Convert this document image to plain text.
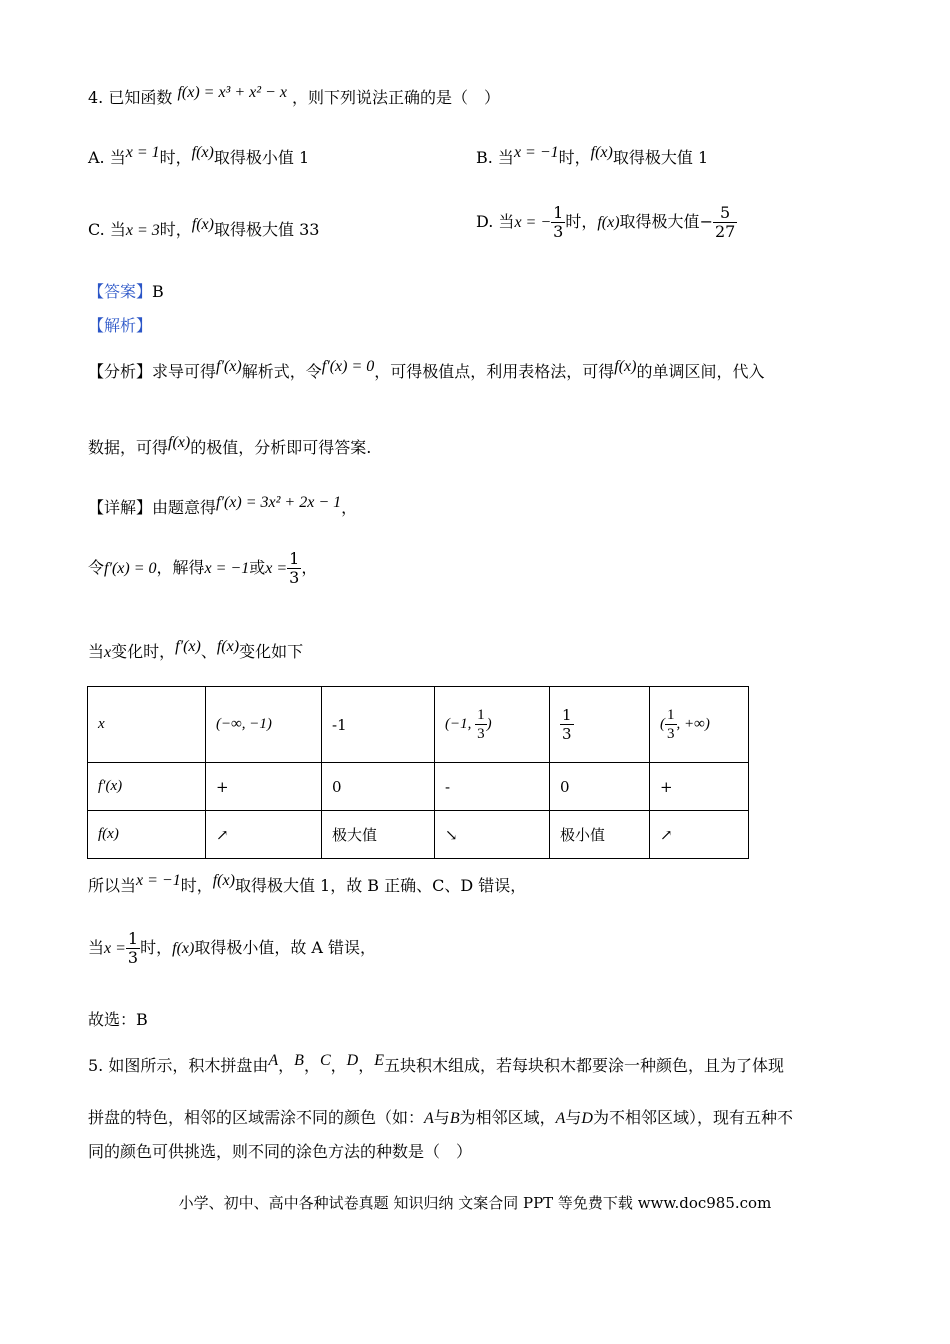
4. 已知函数 f(x) = x³ + x² − x ，则下列说法正确的是（　）
A. 当x = 1时，f(x)取得极小值 1	B. 当x = −1时，f(x)取得极大值 1
C. 当x = 3时，f(x)取得极大值 33	D. 当x = − $\frac{1}{3}$ 时，f(x)取得极大值− $\frac{5}{27}$
【答案】B
【解析】
【分析】求导可得f′(x)解析式，令f′(x) = 0，可得极值点，利用表格法，可得f(x)的单调区间，代入
数据，可得f(x)的极值，分析即可得答案.
【详解】由题意得f′(x) = 3x² + 2x − 1，
令f′(x) = 0，解得x = −1或$x = \frac{1}{3}$ ，
当x变化时，f′(x)、f(x)变化如下
x	(−∞, −1)	-1	(−1, $\frac{1}{3}$ )	$\frac{1}{3}$	( $\frac{1}{3}$ , +∞)
f′(x)	+	0	-	0	+
f(x)	↗	极大值	↘	极小值	↗
所以当x = −1时，f(x)取得极大值 1，故 B 正确、C、D 错误，
当$x = \frac{1}{3}$ 时，f(x)取得极小值，故 A 错误，
故选：B
5. 如图所示，积木拼盘由A，B，C，D，E五块积木组成，若每块积木都要涂一种颜色，且为了体现
拼盘的特色，相邻的区域需涂不同的颜色（如：A与B为相邻区域，A与D为不相邻区域），现有五种不
同的颜色可供挑选，则不同的涂色方法的种数是（　）
小学、初中、高中各种试卷真题 知识归纳 文案合同 PPT 等免费下载 www.doc985.com
